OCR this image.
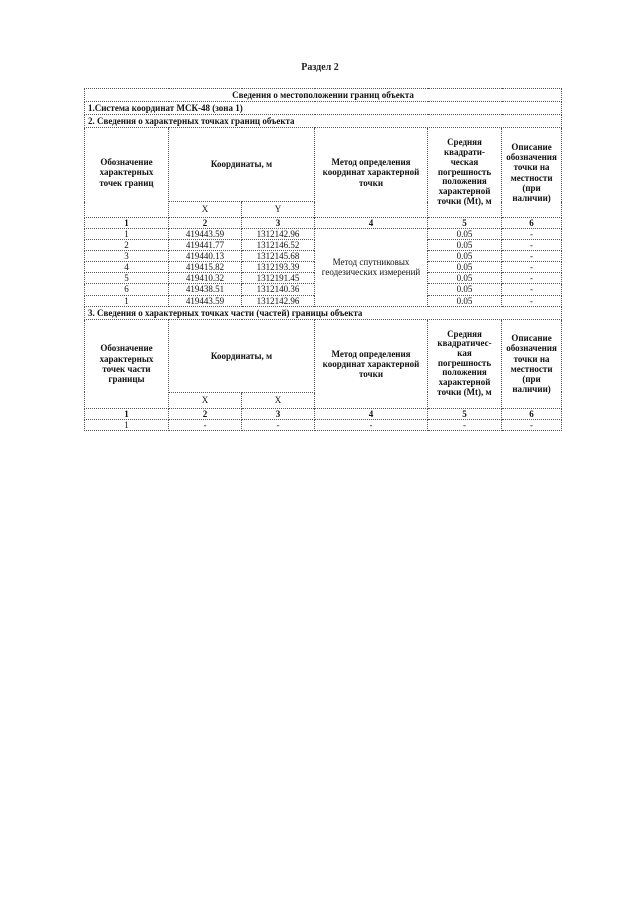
Раздел 2
Сведения о местоположении границ объекта					
1.Система координат МСК-48 (зона 1)					
2. Сведения о характерных точках границ объекта					
Обозначение характерных точек границ	Координаты, м		Метод определения координат характерной точки	Средняя квадрати-ческая погрешность положения характерной точки (Mt), м	Описание обозначения точки на местности (при наличии)
	X	Y			
1	2	3	4	5	6
1	419443.59	1312142.96	Метод спутниковых геодезических измерений	0.05	-
2	419441.77	1312146.52		0.05	-
3	419440.13	1312145.68		0.05	-
4	419415.82	1312193.39		0.05	-
5	419410.32	1312191.45		0.05	-
6	419438.51	1312140.36		0.05	-
1	419443.59	1312142.96		0.05	-
3. Сведения о характерных точках части (частей) границы объекта					
Обозначение характерных точек части границы	Координаты, м		Метод определения координат характерной точки	Средняя квадратичес-кая погрешность положения характерной точки (Mt), м	Описание обозначения точки на местности (при наличии)
	X	X			
1	2	3	4	5	6
1	-	-	-	-	-
